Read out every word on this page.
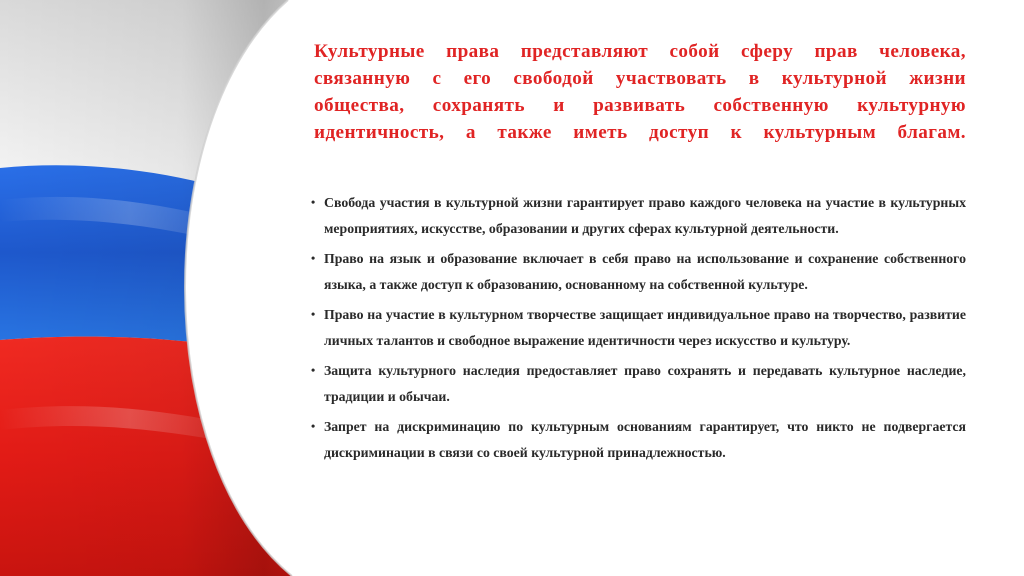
Культурные права представляют собой сферу прав человека, связанную с его свободой участвовать в культурной жизни общества, сохранять и развивать собственную культурную идентичность, а также иметь доступ к культурным благам.

• Свобода участия в культурной жизни гарантирует право каждого человека на участие в культурных мероприятиях, искусстве, образовании и других сферах культурной деятельности.
• Право на язык и образование включает в себя право на использование и сохранение собственного языка, а также доступ к образованию, основанному на собственной культуре.
• Право на участие в культурном творчестве защищает индивидуальное право на творчество, развитие личных талантов и свободное выражение идентичности через искусство и культуру.
• Защита культурного наследия предоставляет право сохранять и передавать культурное наследие, традиции и обычаи.
• Запрет на дискриминацию по культурным основаниям гарантирует, что никто не подвергается дискриминации в связи со своей культурной принадлежностью.
